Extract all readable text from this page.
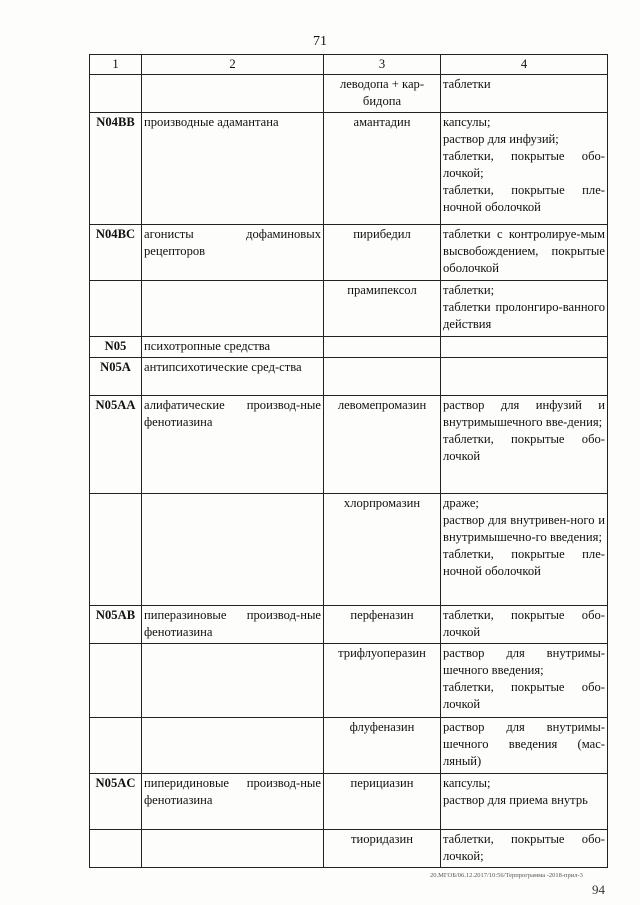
71
1	2	3	4
		леводопа + кар-бидопа	таблетки

N04BB	производные адамантана	амантадин	капсулы;
раствор для инфузий;
таблетки, покрытые обо-лочкой;
таблетки, покрытые пле-ночной оболочкой

N04BC	агонисты дофаминовых рецепторов	пирибедил	таблетки с контролируе-мым высвобождением, покрытые оболочкой

		прамипексол	таблетки;
таблетки пролонгиро-ванного действия

N05	психотропные средства		
N05A	антипсихотические сред-ства		
N05AA	алифатические производ-ные фенотиазина	левомепромазин	раствор для инфузий и внутримышечного вве-дения;
таблетки, покрытые обо-лочкой

		хлорпромазин	драже;
раствор для внутривен-ного и внутримышечно-го введения;
таблетки, покрытые пле-ночной оболочкой

N05AB	пиперазиновые производ-ные фенотиазина	перфеназин	таблетки, покрытые обо-лочкой

		трифлуоперазин	раствор для внутримы-шечного введения;
таблетки, покрытые обо-лочкой

		флуфеназин	раствор для внутримы-шечного введения (мас-ляный)

N05AC	пиперидиновые производ-ные фенотиазина	перициазин	капсулы;
раствор для приема внутрь

		тиоридазин	таблетки, покрытые обо-лочкой;
20.МГОБ/06.12.2017/10:56/Терпрограмма -2018-прил-3
94
